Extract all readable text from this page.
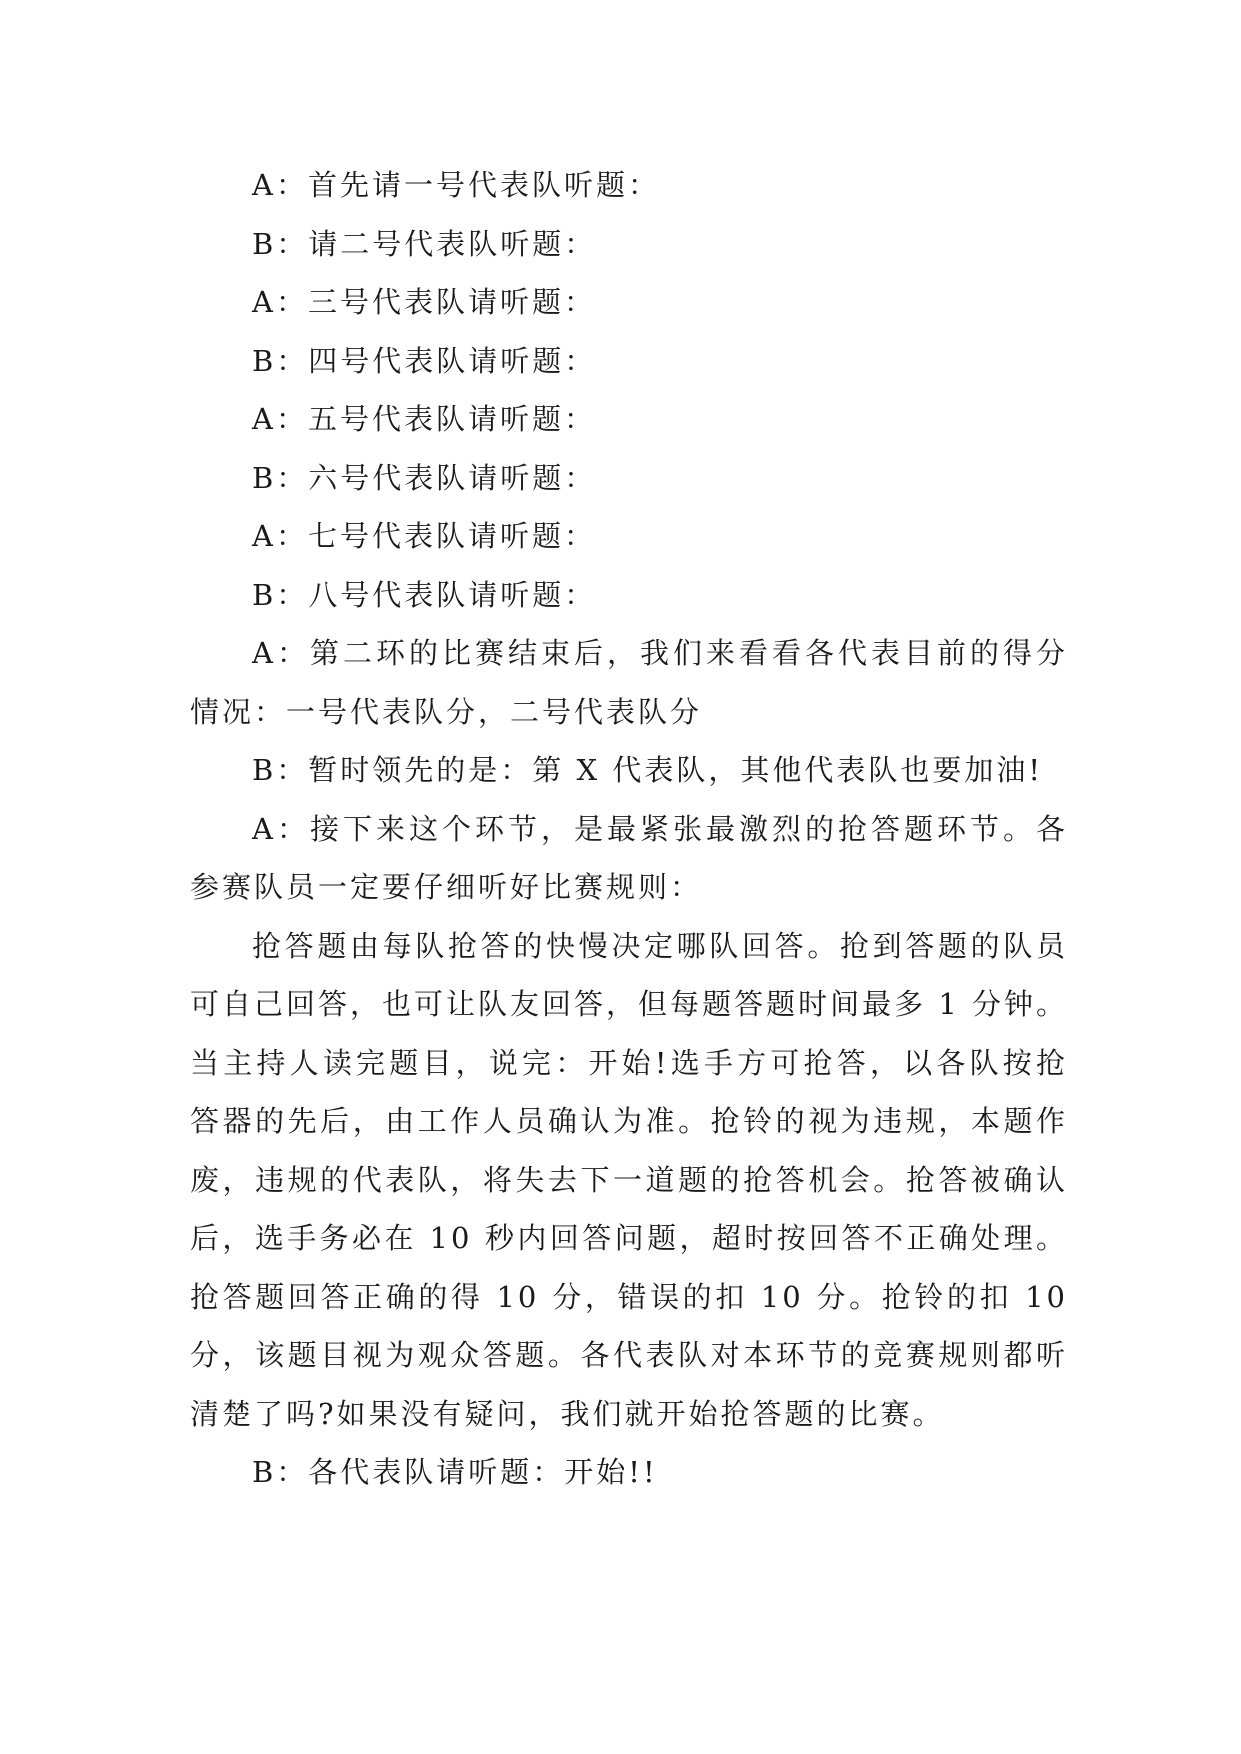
A：首先请一号代表队听题：
B：请二号代表队听题：
A：三号代表队请听题：
B：四号代表队请听题：
A：五号代表队请听题：
B：六号代表队请听题：
A：七号代表队请听题：
B：八号代表队请听题：
A：第二环的比赛结束后，我们来看看各代表目前的得分情况：一号代表队分，二号代表队分
B：暂时领先的是：第 X 代表队，其他代表队也要加油!
A：接下来这个环节，是最紧张最激烈的抢答题环节。各参赛队员一定要仔细听好比赛规则：
抢答题由每队抢答的快慢决定哪队回答。抢到答题的队员可自己回答，也可让队友回答，但每题答题时间最多 1 分钟。当主持人读完题目，说完：开始!选手方可抢答，以各队按抢答器的先后，由工作人员确认为准。抢铃的视为违规，本题作废，违规的代表队，将失去下一道题的抢答机会。抢答被确认后，选手务必在 10 秒内回答问题，超时按回答不正确处理。抢答题回答正确的得 10 分，错误的扣 10 分。抢铃的扣 10 分，该题目视为观众答题。各代表队对本环节的竞赛规则都听清楚了吗?如果没有疑问，我们就开始抢答题的比赛。
B：各代表队请听题：开始!!
